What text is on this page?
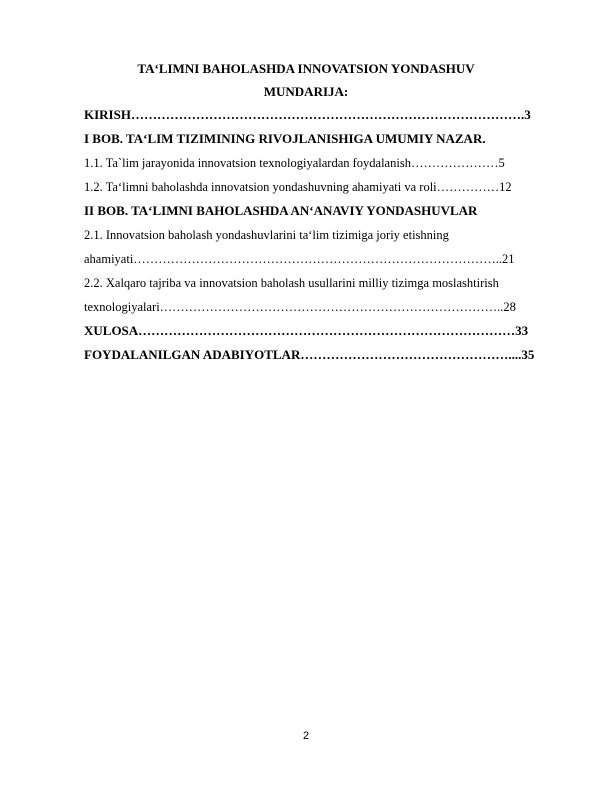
TA‘LIMNI BAHOLASHDA INNOVATSION YONDASHUV
MUNDARIJA:
KIRISH……………………………………………………………………………….3
I BOB. TA‘LIM TIZIMINING RIVOJLANISHIGA UMUMIY NAZAR.
1.1. Ta`lim jarayonida innovatsion texnologiyalardan foydalanish…………………5
1.2. Ta‘limni baholashda innovatsion yondashuvning ahamiyati va roli……………12
II BOB. TA‘LIMNI BAHOLASHDA AN‘ANAVIY YONDASHUVLAR
2.1. Innovatsion baholash yondashuvlarini ta‘lim tizimiga joriy etishning
ahamiyati……………………………………………………………………………..21
2.2. Xalqaro tajriba va innovatsion baholash usullarini milliy tizimga moslashtirish
texnologiyalari………………………………………………………………………..28
XULOSA……………………………………………………………………………33
FOYDALANILGAN ADABIYOTLAR…………………………………………....35
2
